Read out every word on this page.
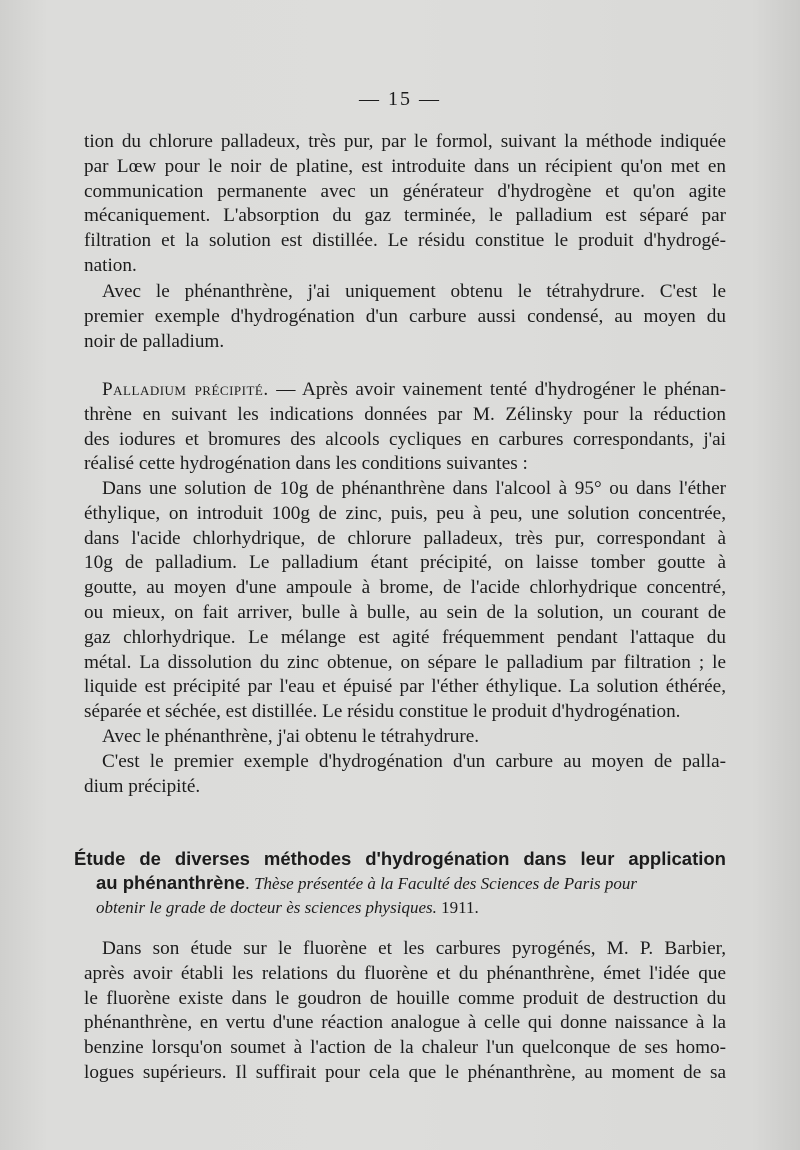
— 15 —
tion du chlorure palladeux, très pur, par le formol, suivant la méthode indiquée
par Lœw pour le noir de platine, est introduite dans un récipient qu'on met en
communication permanente avec un générateur d'hydrogène et qu'on agite
mécaniquement. L'absorption du gaz terminée, le palladium est séparé par
filtration et la solution est distillée. Le résidu constitue le produit d'hydrogé-
nation.
Avec le phénanthrène, j'ai uniquement obtenu le tétrahydrure. C'est le
premier exemple d'hydrogénation d'un carbure aussi condensé, au moyen du
noir de palladium.
Palladium précipité. — Après avoir vainement tenté d'hydrogéner le phénan-
thrène en suivant les indications données par M. Zélinsky pour la réduction
des iodures et bromures des alcools cycliques en carbures correspondants, j'ai
réalisé cette hydrogénation dans les conditions suivantes :
Dans une solution de 10g de phénanthrène dans l'alcool à 95° ou dans l'éther
éthylique, on introduit 100g de zinc, puis, peu à peu, une solution concentrée,
dans l'acide chlorhydrique, de chlorure palladeux, très pur, correspondant à
10g de palladium. Le palladium étant précipité, on laisse tomber goutte à
goutte, au moyen d'une ampoule à brome, de l'acide chlorhydrique concentré,
ou mieux, on fait arriver, bulle à bulle, au sein de la solution, un courant de
gaz chlorhydrique. Le mélange est agité fréquemment pendant l'attaque du
métal. La dissolution du zinc obtenue, on sépare le palladium par filtration ; le
liquide est précipité par l'eau et épuisé par l'éther éthylique. La solution éthérée,
séparée et séchée, est distillée. Le résidu constitue le produit d'hydrogénation.
Avec le phénanthrène, j'ai obtenu le tétrahydrure.
C'est le premier exemple d'hydrogénation d'un carbure au moyen de palla-
dium précipité.
Étude de diverses méthodes d'hydrogénation dans leur application
au phénanthrène. Thèse présentée à la Faculté des Sciences de Paris pour
obtenir le grade de docteur ès sciences physiques. 1911.
Dans son étude sur le fluorène et les carbures pyrogénés, M. P. Barbier,
après avoir établi les relations du fluorène et du phénanthrène, émet l'idée que
le fluorène existe dans le goudron de houille comme produit de destruction du
phénanthrène, en vertu d'une réaction analogue à celle qui donne naissance à la
benzine lorsqu'on soumet à l'action de la chaleur l'un quelconque de ses homo-
logues supérieurs. Il suffirait pour cela que le phénanthrène, au moment de sa
